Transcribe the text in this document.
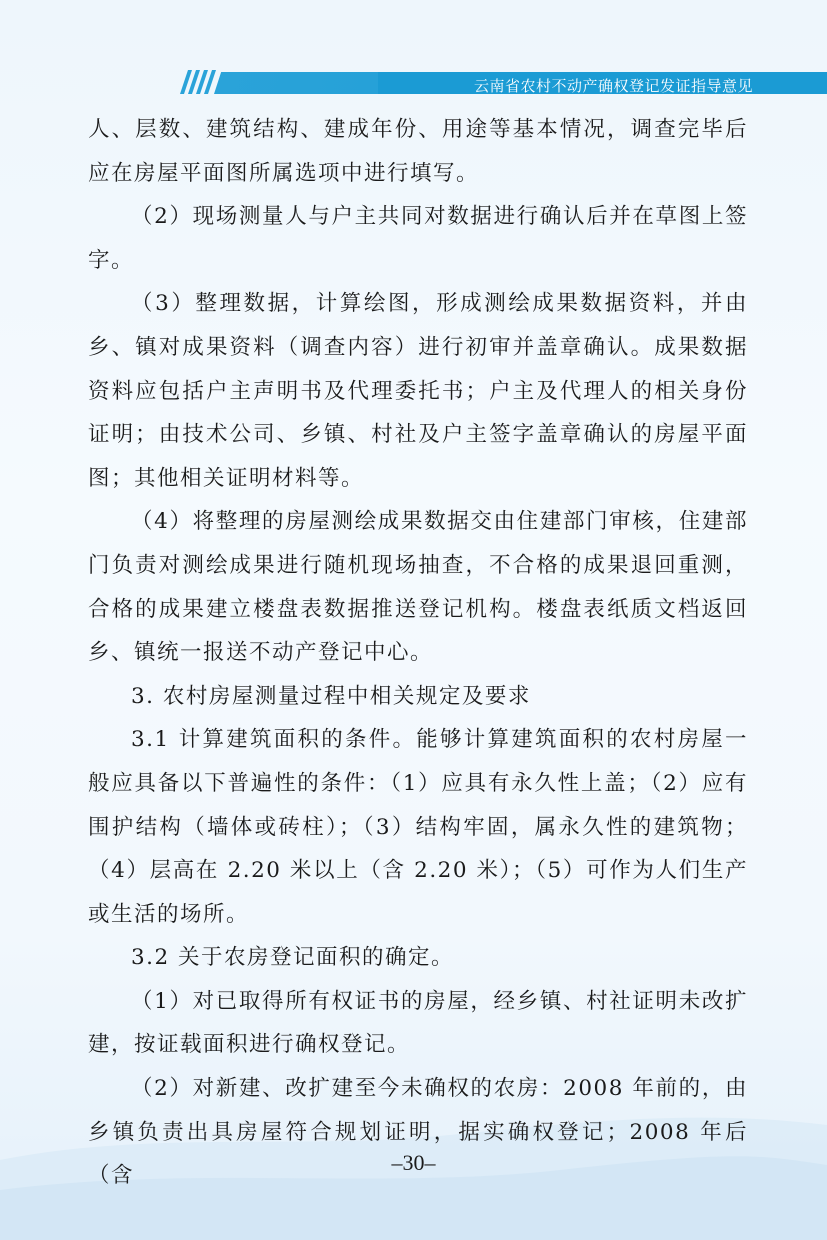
云南省农村不动产确权登记发证指导意见

人、层数、建筑结构、建成年份、用途等基本情况，调查完毕后应在房屋平面图所属选项中进行填写。

（2）现场测量人与户主共同对数据进行确认后并在草图上签字。

（3）整理数据，计算绘图，形成测绘成果数据资料，并由乡、镇对成果资料（调查内容）进行初审并盖章确认。成果数据资料应包括户主声明书及代理委托书；户主及代理人的相关身份证明；由技术公司、乡镇、村社及户主签字盖章确认的房屋平面图；其他相关证明材料等。

（4）将整理的房屋测绘成果数据交由住建部门审核，住建部门负责对测绘成果进行随机现场抽查，不合格的成果退回重测，合格的成果建立楼盘表数据推送登记机构。楼盘表纸质文档返回乡、镇统一报送不动产登记中心。

3. 农村房屋测量过程中相关规定及要求

3.1 计算建筑面积的条件。能够计算建筑面积的农村房屋一般应具备以下普遍性的条件：（1）应具有永久性上盖；（2）应有围护结构（墙体或砖柱）；（3）结构牢固，属永久性的建筑物；（4）层高在 2.20 米以上（含 2.20 米）；（5）可作为人们生产或生活的场所。

3.2 关于农房登记面积的确定。

（1）对已取得所有权证书的房屋，经乡镇、村社证明未改扩建，按证载面积进行确权登记。

（2）对新建、改扩建至今未确权的农房：2008 年前的，由乡镇负责出具房屋符合规划证明，据实确权登记；2008 年后（含

–30–
